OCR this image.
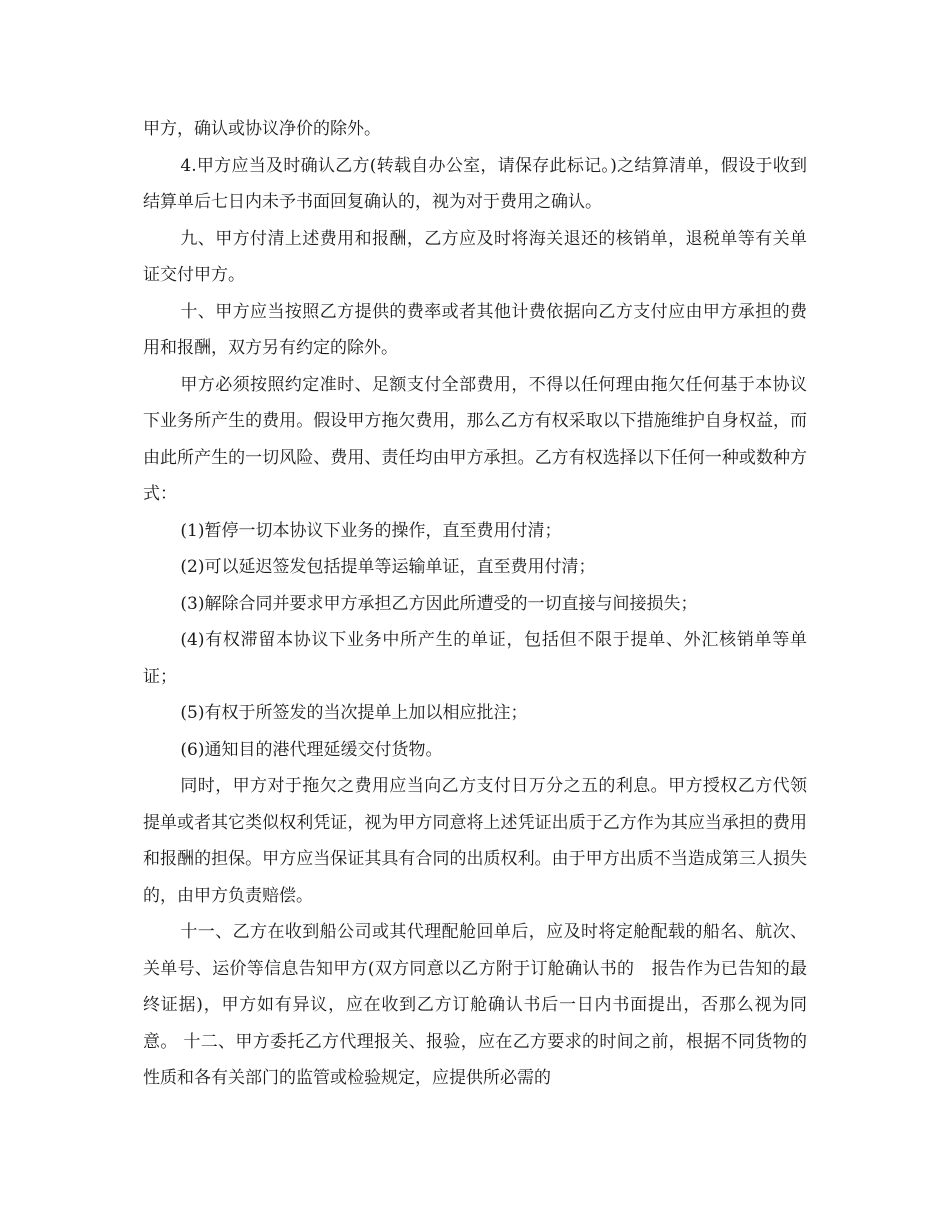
甲方，确认或协议净价的除外。

4.甲方应当及时确认乙方(转载自办公室，请保存此标记。)之结算清单，假设于收到结算单后七日内未予书面回复确认的，视为对于费用之确认。

九、甲方付清上述费用和报酬，乙方应及时将海关退还的核销单，退税单等有关单证交付甲方。

十、甲方应当按照乙方提供的费率或者其他计费依据向乙方支付应由甲方承担的费用和报酬，双方另有约定的除外。

甲方必须按照约定准时、足额支付全部费用，不得以任何理由拖欠任何基于本协议下业务所产生的费用。假设甲方拖欠费用，那么乙方有权采取以下措施维护自身权益，而由此所产生的一切风险、费用、责任均由甲方承担。乙方有权选择以下任何一种或数种方式：

(1)暂停一切本协议下业务的操作，直至费用付清；

(2)可以延迟签发包括提单等运输单证，直至费用付清；

(3)解除合同并要求甲方承担乙方因此所遭受的一切直接与间接损失；

(4)有权滞留本协议下业务中所产生的单证，包括但不限于提单、外汇核销单等单证；

(5)有权于所签发的当次提单上加以相应批注；

(6)通知目的港代理延缓交付货物。

同时，甲方对于拖欠之费用应当向乙方支付日万分之五的利息。甲方授权乙方代领提单或者其它类似权利凭证，视为甲方同意将上述凭证出质于乙方作为其应当承担的费用和报酬的担保。甲方应当保证其具有合同的出质权利。由于甲方出质不当造成第三人损失的，由甲方负责赔偿。

十一、乙方在收到船公司或其代理配舱回单后，应及时将定舱配载的船名、航次、关单号、运价等信息告知甲方(双方同意以乙方附于订舱确认书的　报告作为已告知的最终证据)，甲方如有异议，应在收到乙方订舱确认书后一日内书面提出，否那么视为同意。 十二、甲方委托乙方代理报关、报验，应在乙方要求的时间之前，根据不同货物的性质和各有关部门的监管或检验规定，应提供所必需的
